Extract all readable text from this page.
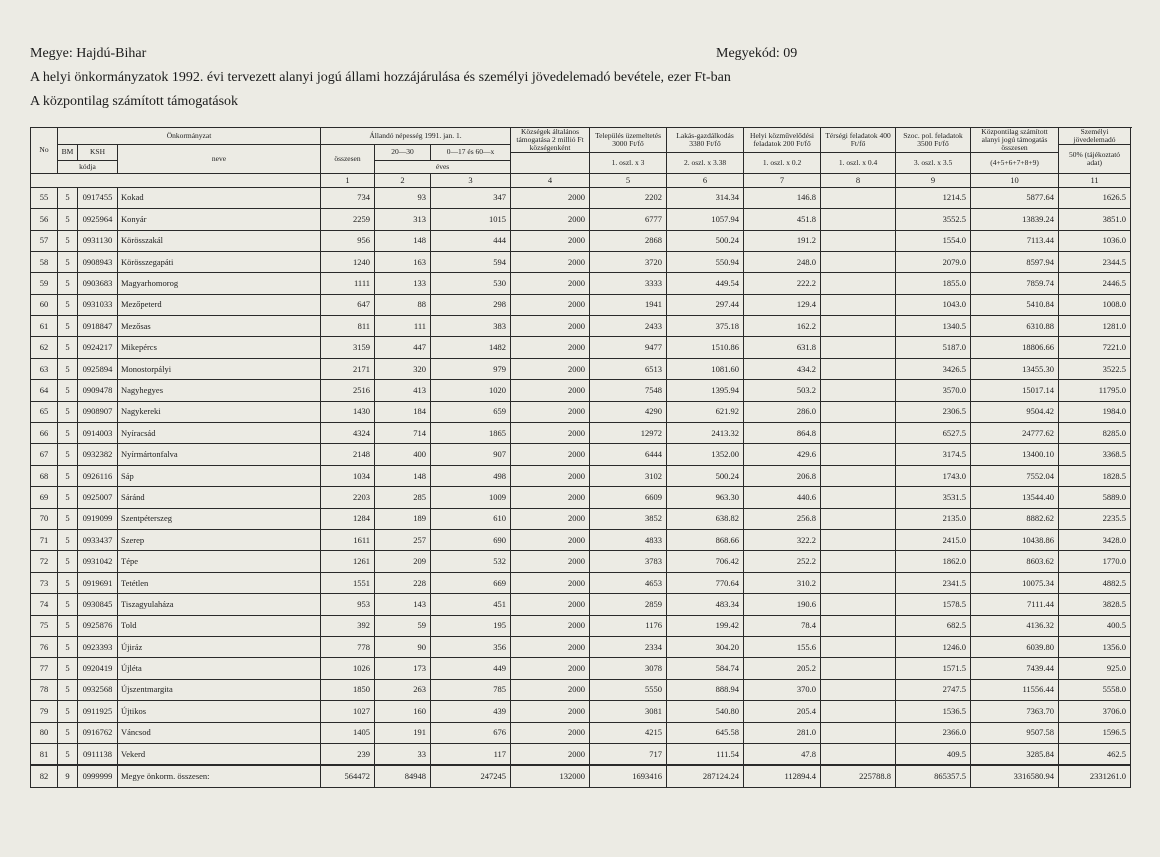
Megye: Hajdú-Bihar	Megyekód: 09
A helyi önkormányzatok 1992. évi tervezett alanyi jogú állami hozzájárulása és személyi jövedelemadó bevétele, ezer Ft-ban
A központilag számított támogatások
No	Önkormányzat			Állandó népesség 1991. jan. 1.			Községek általános támogatása 2 millió Ft községenként	Település üzemeltetés 3000 Ft/fő	Lakás-gazdálkodás 3380 Ft/fő	Helyi közművelődési feladatok 200 Ft/fő	Térségi feladatok 400 Ft/fő	Szoc. pol. feladatok 3500 Ft/fő	Központilag számított alanyi jogú támogatás összesen	Személyi jövedelemadó	
	BM	KSH	neve	összesen	20—30	0—17 és 60—x								50% (tájékoztató adat)	
								1. oszl. x 3	2. oszl. x 3.38	1. oszl. x 0.2	1. oszl. x 0.4	3. oszl. x 3.5	(4+5+6+7+8+9)		
	kódja				éves										
				1	2	3	4	5	6	7	8	9	10	11	
55	5	0917455	Kokad	734	93	347	2000	2202	314.34	146.8		1214.5	5877.64	1626.5	
56	5	0925964	Konyár	2259	313	1015	2000	6777	1057.94	451.8		3552.5	13839.24	3851.0	
57	5	0931130	Körösszakál	956	148	444	2000	2868	500.24	191.2		1554.0	7113.44	1036.0	
58	5	0908943	Körösszegapáti	1240	163	594	2000	3720	550.94	248.0		2079.0	8597.94	2344.5	
59	5	0903683	Magyarhomorog	1111	133	530	2000	3333	449.54	222.2		1855.0	7859.74	2446.5	
60	5	0931033	Mezőpeterd	647	88	298	2000	1941	297.44	129.4		1043.0	5410.84	1008.0	
61	5	0918847	Mezősas	811	111	383	2000	2433	375.18	162.2		1340.5	6310.88	1281.0	
62	5	0924217	Mikepércs	3159	447	1482	2000	9477	1510.86	631.8		5187.0	18806.66	7221.0	
63	5	0925894	Monostorpályi	2171	320	979	2000	6513	1081.60	434.2		3426.5	13455.30	3522.5	
64	5	0909478	Nagyhegyes	2516	413	1020	2000	7548	1395.94	503.2		3570.0	15017.14	11795.0	
65	5	0908907	Nagykereki	1430	184	659	2000	4290	621.92	286.0		2306.5	9504.42	1984.0	
66	5	0914003	Nyíracsád	4324	714	1865	2000	12972	2413.32	864.8		6527.5	24777.62	8285.0	
67	5	0932382	Nyírmártonfalva	2148	400	907	2000	6444	1352.00	429.6		3174.5	13400.10	3368.5	
68	5	0926116	Sáp	1034	148	498	2000	3102	500.24	206.8		1743.0	7552.04	1828.5	
69	5	0925007	Sáránd	2203	285	1009	2000	6609	963.30	440.6		3531.5	13544.40	5889.0	
70	5	0919099	Szentpéterszeg	1284	189	610	2000	3852	638.82	256.8		2135.0	8882.62	2235.5	
71	5	0933437	Szerep	1611	257	690	2000	4833	868.66	322.2		2415.0	10438.86	3428.0	
72	5	0931042	Tépe	1261	209	532	2000	3783	706.42	252.2		1862.0	8603.62	1770.0	
73	5	0919691	Tetétlen	1551	228	669	2000	4653	770.64	310.2		2341.5	10075.34	4882.5	
74	5	0930845	Tiszagyulaháza	953	143	451	2000	2859	483.34	190.6		1578.5	7111.44	3828.5	
75	5	0925876	Told	392	59	195	2000	1176	199.42	78.4		682.5	4136.32	400.5	
76	5	0923393	Újiráz	778	90	356	2000	2334	304.20	155.6		1246.0	6039.80	1356.0	
77	5	0920419	Újléta	1026	173	449	2000	3078	584.74	205.2		1571.5	7439.44	925.0	
78	5	0932568	Újszentmargita	1850	263	785	2000	5550	888.94	370.0		2747.5	11556.44	5558.0	
79	5	0911925	Újtikos	1027	160	439	2000	3081	540.80	205.4		1536.5	7363.70	3706.0	
80	5	0916762	Váncsod	1405	191	676	2000	4215	645.58	281.0		2366.0	9507.58	1596.5	
81	5	0911138	Vekerd	239	33	117	2000	717	111.54	47.8		409.5	3285.84	462.5	
82	9	0999999	Megye önkorm. összesen:	564472	84948	247245	132000	1693416	287124.24	112894.4	225788.8	865357.5	3316580.94	2331261.0	
